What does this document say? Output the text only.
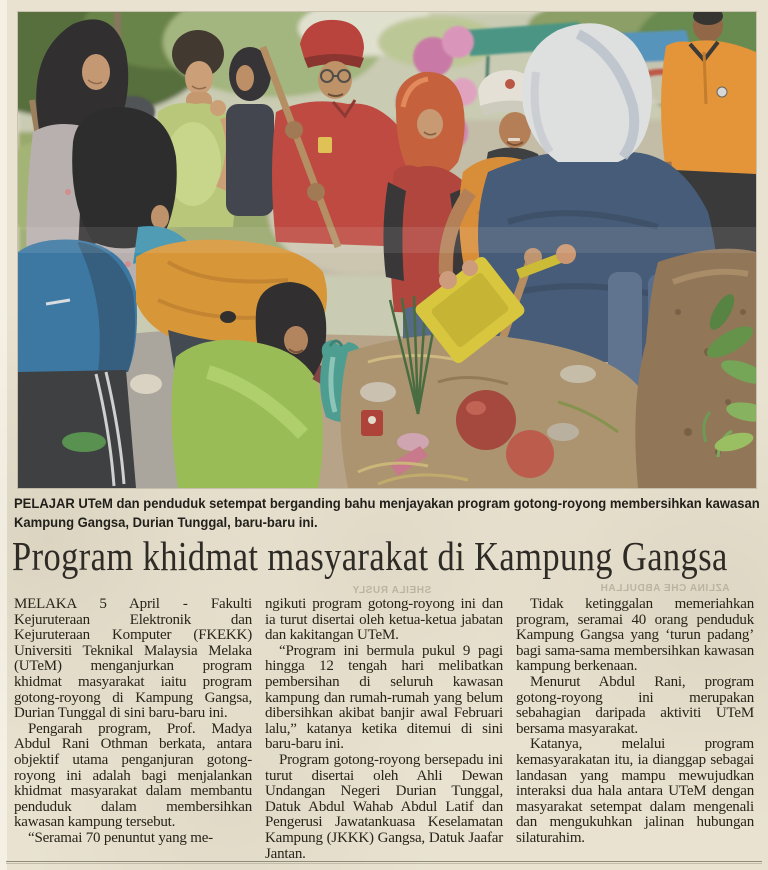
PELAJAR UTeM dan penduduk setempat berganding bahu menjayakan program gotong-royong membersihkan kawasan Kampung Gangsa, Durian Tunggal, baru-baru ini.

SHEILA RUSLY	AZLINA CHE ABDULLAH
Program khidmat masyarakat di Kampung Gangsa

MELAKA 5 April - Fakulti Kejuruteraan Elektronik dan Kejuruteraan Komputer (FKEKK) Universiti Teknikal Malaysia Melaka (UTeM) menganjurkan program khidmat masyarakat iaitu program gotong-royong di Kampung Gangsa, Durian Tunggal di sini baru-baru ini.

Pengarah program, Prof. Madya Abdul Rani Othman berkata, antara objektif utama penganjuran gotong-royong ini adalah bagi menjalankan khidmat masyarakat dalam membantu penduduk dalam membersihkan kawasan kampung tersebut.

“Seramai 70 penuntut yang me-

ngikuti program gotong-royong ini dan ia turut disertai oleh ketua-ketua jabatan dan kakitangan UTeM.

“Program ini bermula pukul 9 pagi hingga 12 tengah hari melibatkan pembersihan di seluruh kawasan kampung dan rumah-rumah yang belum dibersihkan akibat banjir awal Februari lalu,” katanya ketika ditemui di sini baru-baru ini.

Program gotong-royong bersepadu ini turut disertai oleh Ahli Dewan Undangan Negeri Durian Tunggal, Datuk Abdul Wahab Abdul Latif dan Pengerusi Jawatankuasa Keselamatan Kampung (JKKK) Gangsa, Datuk Jaafar Jantan.

Tidak ketinggalan memeriahkan program, seramai 40 orang penduduk Kampung Gangsa yang ‘turun padang’ bagi sama-sama membersihkan kawasan kampung berkenaan.

Menurut Abdul Rani, program gotong-royong ini merupakan sebahagian daripada aktiviti UTeM bersama masyarakat.

Katanya, melalui program kemasyarakatan itu, ia dianggap sebagai landasan yang mampu mewujudkan interaksi dua hala antara UTeM dengan masyarakat setempat dalam mengenali dan mengukuhkan jalinan hubungan silaturahim.
